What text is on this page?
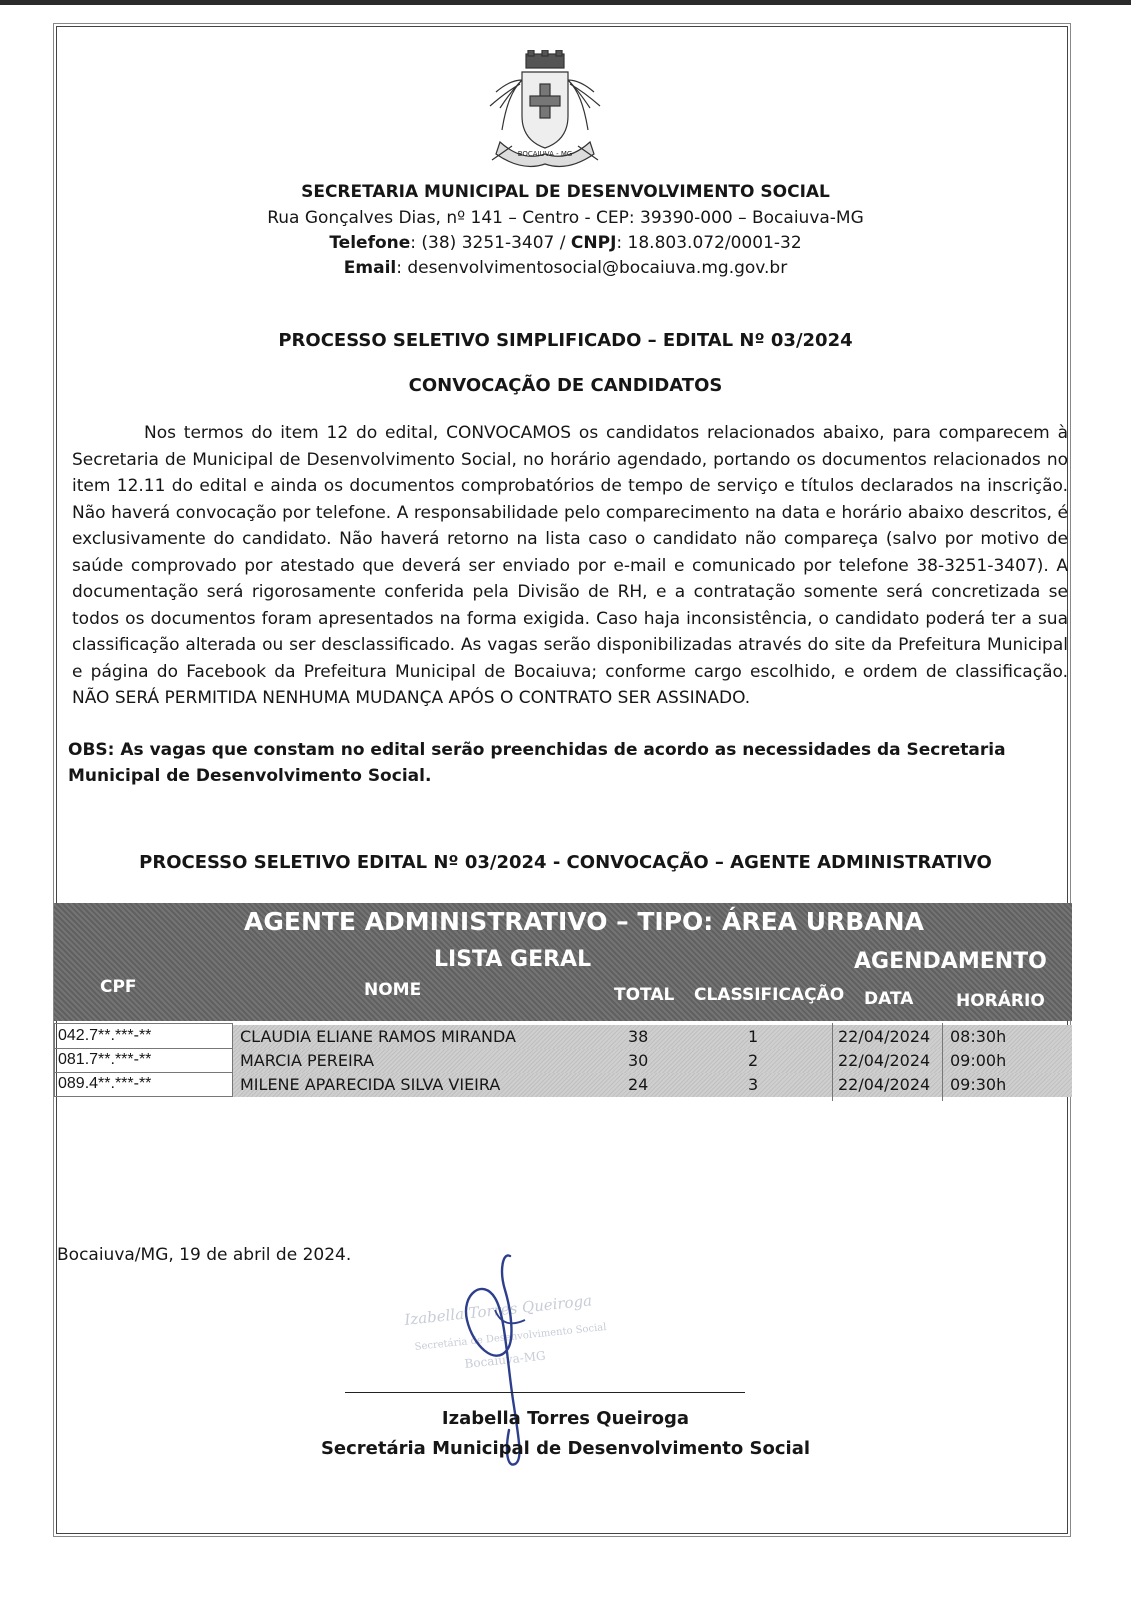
BOCAIUVA - MG
SECRETARIA MUNICIPAL DE DESENVOLVIMENTO SOCIAL
Rua Gonçalves Dias, nº 141 – Centro - CEP: 39390-000 – Bocaiuva-MG
Telefone: (38) 3251-3407 / CNPJ: 18.803.072/0001-32
Email: desenvolvimentosocial@bocaiuva.mg.gov.br
PROCESSO SELETIVO SIMPLIFICADO – EDITAL Nº 03/2024
CONVOCAÇÃO DE CANDIDATOS
Nos termos do item 12 do edital, CONVOCAMOS os candidatos relacionados abaixo, para comparecem à Secretaria de Municipal de Desenvolvimento Social, no horário agendado, portando os documentos relacionados no item 12.11 do edital e ainda os documentos comprobatórios de tempo de serviço e títulos declarados na inscrição. Não haverá convocação por telefone. A responsabilidade pelo comparecimento na data e horário abaixo descritos, é exclusivamente do candidato. Não haverá retorno na lista caso o candidato não compareça (salvo por motivo de saúde comprovado por atestado que deverá ser enviado por e-mail e comunicado por telefone 38-3251-3407). A documentação será rigorosamente conferida pela Divisão de RH, e a contratação somente será concretizada se todos os documentos foram apresentados na forma exigida. Caso haja inconsistência, o candidato poderá ter a sua classificação alterada ou ser desclassificado. As vagas serão disponibilizadas através do site da Prefeitura Municipal e página do Facebook da Prefeitura Municipal de Bocaiuva; conforme cargo escolhido, e ordem de classificação. NÃO SERÁ PERMITIDA NENHUMA MUDANÇA APÓS O CONTRATO SER ASSINADO.
OBS: As vagas que constam no edital serão preenchidas de acordo as necessidades da Secretaria Municipal de Desenvolvimento Social.
PROCESSO SELETIVO EDITAL Nº 03/2024 - CONVOCAÇÃO – AGENTE ADMINISTRATIVO
AGENTE ADMINISTRATIVO – TIPO: ÁREA URBANA
LISTA GERAL	AGENDAMENTO
CPF	NOME	TOTAL CLASSIFICAÇÃO DATA	HORÁRIO
042.7**.***-**	CLAUDIA ELIANE RAMOS MIRANDA	38	1	22/04/2024 08:30h
081.7**.***-**	MARCIA PEREIRA	30	2	22/04/2024 09:00h
089.4**.***-**	MILENE APARECIDA SILVA VIEIRA	24	3	22/04/2024 09:30h
Bocaiuva/MG, 19 de abril de 2024.
Izabella Torres Queiroga
Secretária de Desenvolvimento Social
Bocaiuva-MG
Izabella Torres Queiroga
Secretária Municipal de Desenvolvimento Social
